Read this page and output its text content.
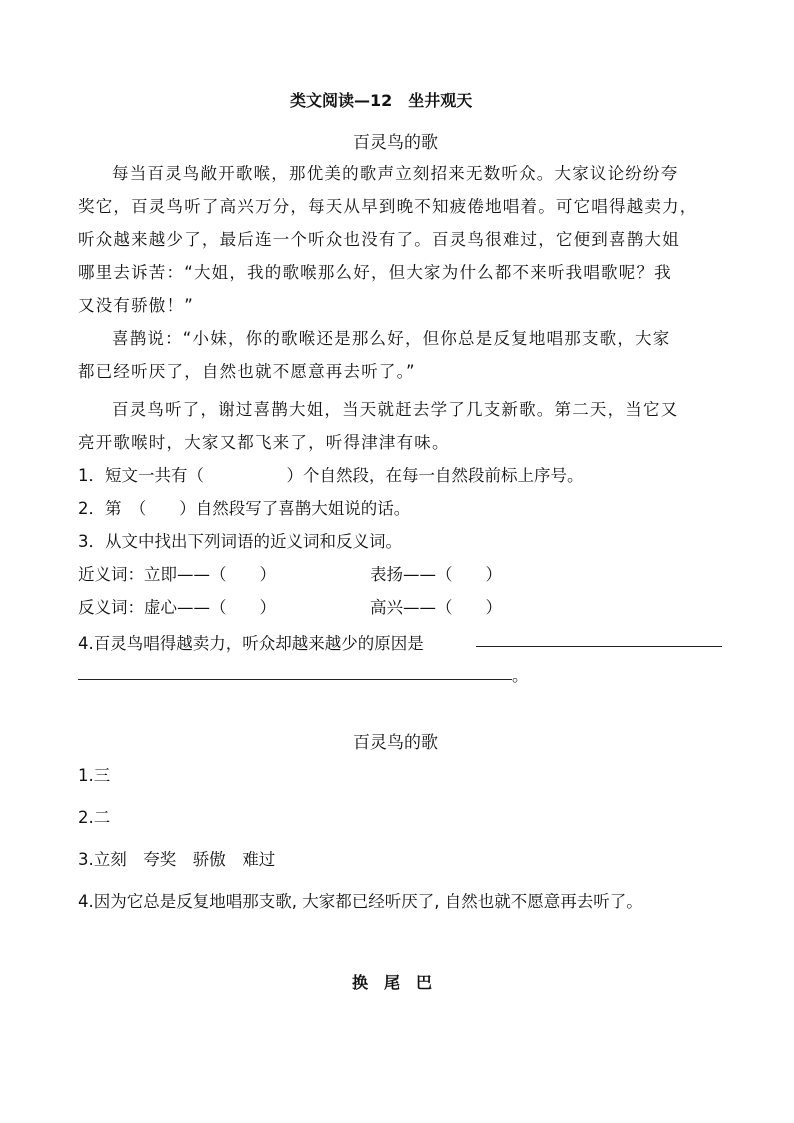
类文阅读—12　坐井观天
百灵鸟的歌
每当百灵鸟敞开歌喉，那优美的歌声立刻招来无数听众。大家议论纷纷夸
奖它，百灵鸟听了高兴万分，每天从早到晚不知疲倦地唱着。可它唱得越卖力，
听众越来越少了，最后连一个听众也没有了。百灵鸟很难过，它便到喜鹊大姐
哪里去诉苦：“大姐，我的歌喉那么好，但大家为什么都不来听我唱歌呢？我
又没有骄傲！”
喜鹊说：“小妹，你的歌喉还是那么好，但你总是反复地唱那支歌，大家
都已经听厌了，自然也就不愿意再去听了。”
百灵鸟听了，谢过喜鹊大姐，当天就赶去学了几支新歌。第二天，当它又
亮开歌喉时，大家又都飞来了，听得津津有味。
1．短文一共有（　　　　　）个自然段，在每一自然段前标上序号。
2．第　（　　）自然段写了喜鹊大姐说的话。
3．从文中找出下列词语的近义词和反义词。
近义词：立即——（　　）	表扬——（　　）
反义词：虚心——（　　）	高兴——（　　）
4.百灵鸟唱得越卖力，听众却越来越少的原因是
。
百灵鸟的歌
1.三
2.二
3.立刻　夸奖　骄傲　难过
4.因为它总是反复地唱那支歌, 大家都已经听厌了, 自然也就不愿意再去听了。
换尾巴
